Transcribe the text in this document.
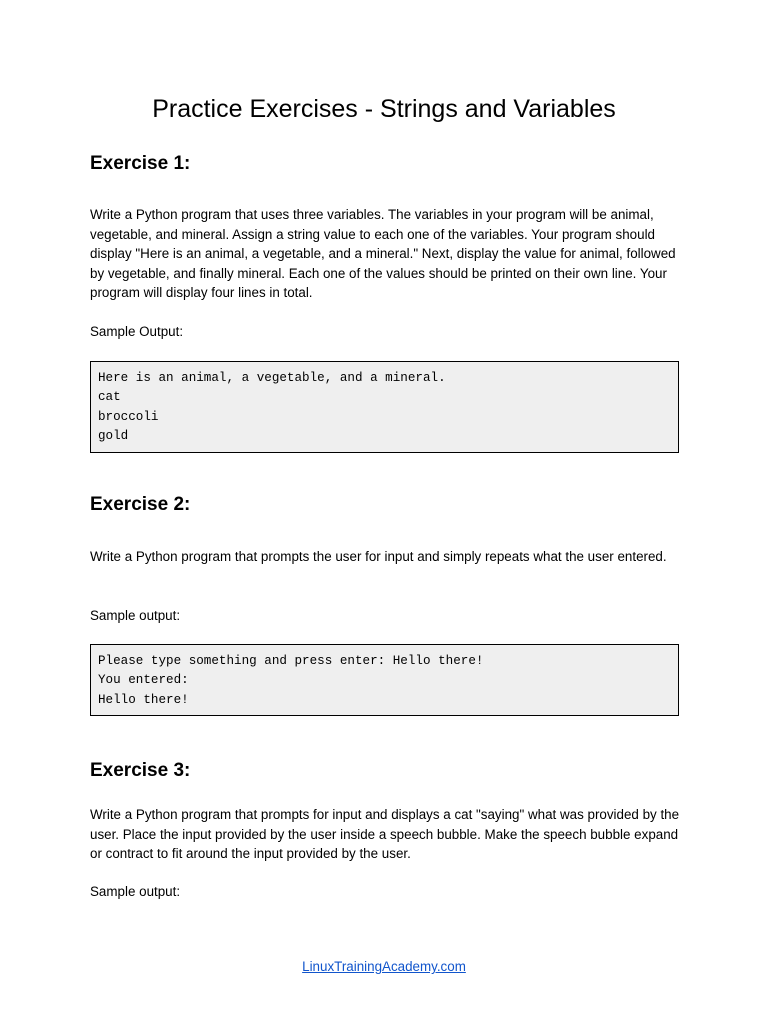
Practice Exercises - Strings and Variables
Exercise 1:

Write a Python program that uses three variables. The variables in your program will be animal, vegetable, and mineral. Assign a string value to each one of the variables. Your program should display "Here is an animal, a vegetable, and a mineral." Next, display the value for animal, followed by vegetable, and finally mineral. Each one of the values should be printed on their own line. Your program will display four lines in total.

Sample Output:

Here is an animal, a vegetable, and a mineral.
cat
broccoli
gold
Exercise 2:

Write a Python program that prompts the user for input and simply repeats what the user entered.

Sample output:

Please type something and press enter: Hello there!
You entered:
Hello there!
Exercise 3:

Write a Python program that prompts for input and displays a cat "saying" what was provided by the user. Place the input provided by the user inside a speech bubble. Make the speech bubble expand or contract to fit around the input provided by the user.

Sample output:

LinuxTrainingAcademy.com
